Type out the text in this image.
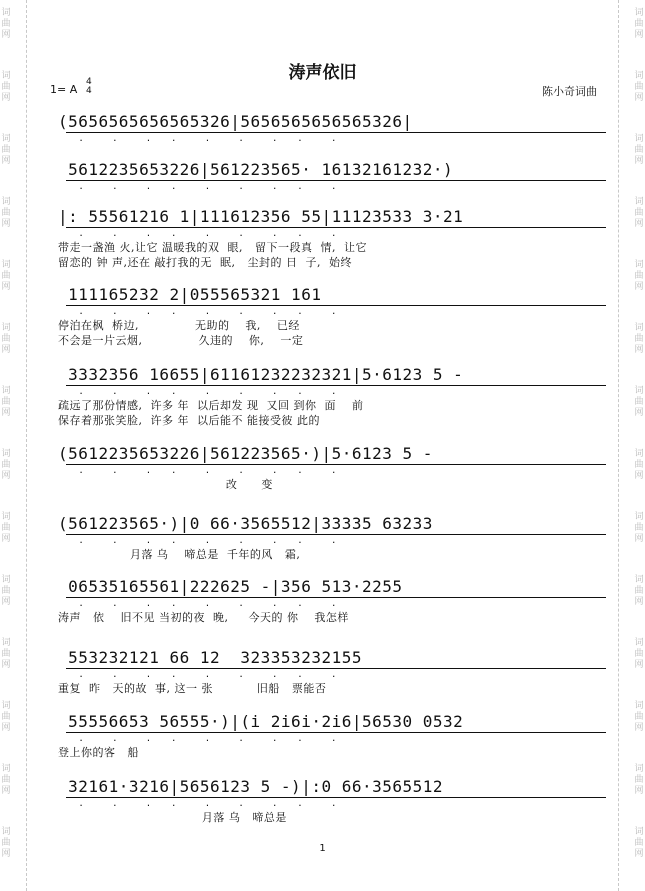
词
曲
网
词
曲
网
词
曲
网
词
曲
网
词
曲
网
词
曲
网
词
曲
网
词
曲
网
词
曲
网
词
曲
网
词
曲
网
词
曲
网
词
曲
网
词
曲
网
词
曲
网
词
曲
网
词
曲
网
词
曲
网
词
曲
网
词
曲
网
词
曲
网
词
曲
网
词
曲
网
词
曲
网
词
曲
网
词
曲
网
词
曲
网
词
曲
网
涛声依旧
1= A
4
4	陈小奇词曲
(5656565656565326|5656565656565326|
.   .   .  .   .   .   .  .   .
5612235653226|561223565· 16132161232·)
.   .   .  .   .   .   .  .   .
|: 55561216 1|111612356 55|11123533 3·21
.   .   .  .   .   .   .  .   .
带走一盏渔 火,让它 温暖我的双  眼,   留下一段真  情,  让它
留恋的 钟 声,还在 敲打我的无  眠,   尘封的 日  子,  始终
111165232 2|055565321 161
.   .   .  .   .   .   .  .   .
停泊在枫  桥边,              无助的    我,    已经
不会是一片云烟,              久违的    你,    一定
3332356 16655|61161232232321|5·6123 5 -
.   .   .  .   .   .   .  .   .
疏远了那份情感,  许多 年  以后却发 现  又回 到你  面    前
保存着那张笑脸,  许多 年  以后能不 能接受彼 此的
(5612235653226|561223565·)|5·6123 5 -
.   .   .  .   .   .   .  .   .
改      变
(561223565·)|0 66·3565512|33335 63233
.   .   .  .   .   .   .  .   .
月落 乌    啼总是  千年的风   霜,
06535165561|222625 -|356 513·2255
.   .   .  .   .   .   .  .   .
涛声   依    旧不见 当初的夜  晚,     今天的 你    我怎样
553232121 66 12  323353232155
.   .   .  .   .   .   .  .   .
重复  昨   天的故  事, 这一 张           旧船   票能否
55556653 56555·)|(i 2i6i·2i6|56530 0532
.   .   .  .   .   .   .  .   .
登上你的客   船
32161·3216|5656123 5 -)|:0 66·3565512
.   .   .  .   .   .   .  .   .
月落 乌   啼总是
1
